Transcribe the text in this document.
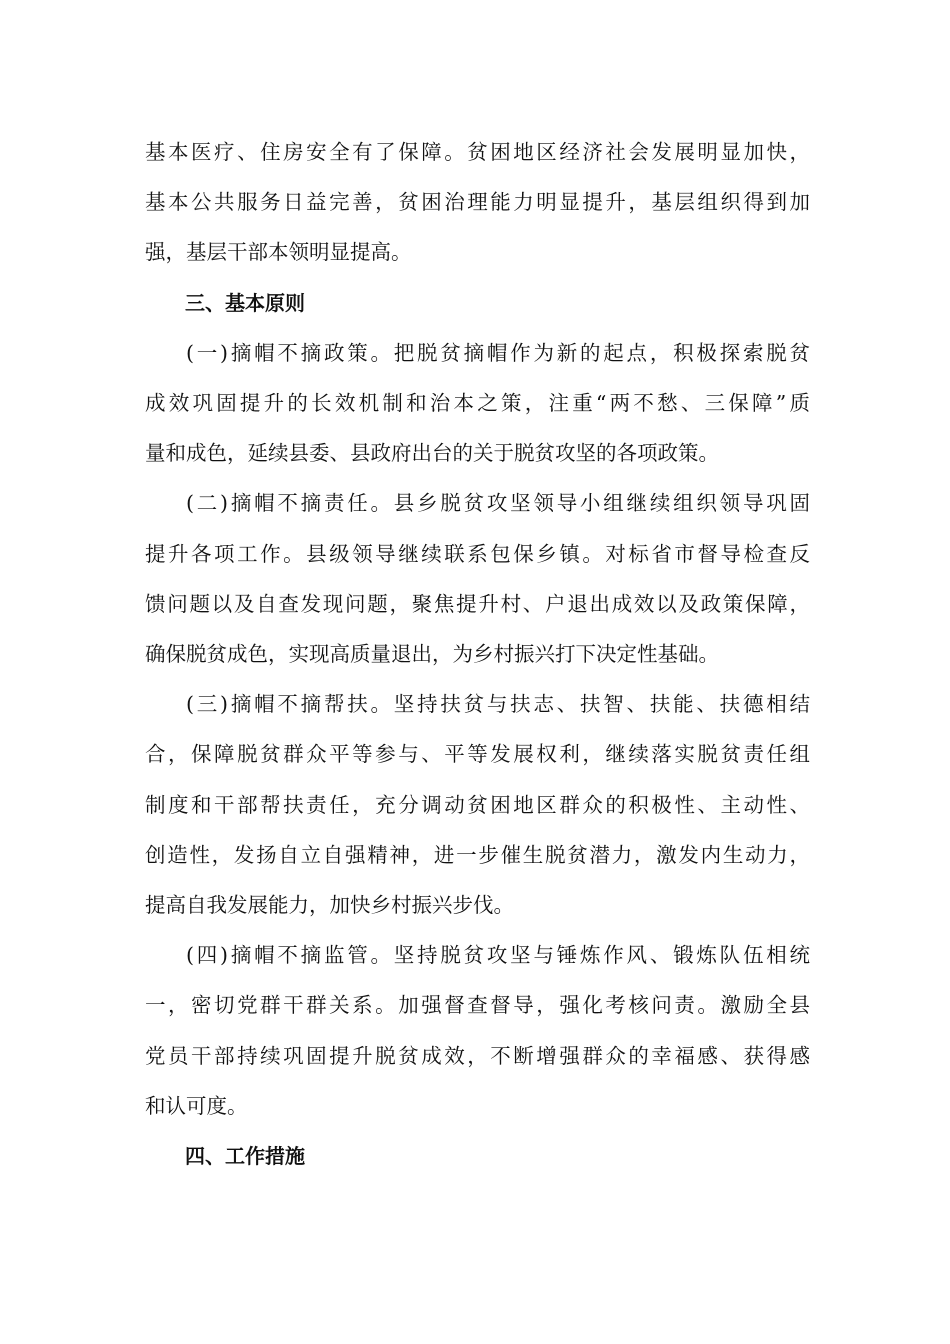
基本医疗、住房安全有了保障。贫困地区经济社会发展明显加快，
基本公共服务日益完善，贫困治理能力明显提升，基层组织得到加
强，基层干部本领明显提高。

三、基本原则

(一)摘帽不摘政策。把脱贫摘帽作为新的起点，积极探索脱贫
成效巩固提升的长效机制和治本之策，注重“两不愁、三保障”质
量和成色，延续县委、县政府出台的关于脱贫攻坚的各项政策。

(二)摘帽不摘责任。县乡脱贫攻坚领导小组继续组织领导巩固
提升各项工作。县级领导继续联系包保乡镇。对标省市督导检查反
馈问题以及自查发现问题，聚焦提升村、户退出成效以及政策保障，
确保脱贫成色，实现高质量退出，为乡村振兴打下决定性基础。

(三)摘帽不摘帮扶。坚持扶贫与扶志、扶智、扶能、扶德相结
合，保障脱贫群众平等参与、平等发展权利，继续落实脱贫责任组
制度和干部帮扶责任，充分调动贫困地区群众的积极性、主动性、
创造性，发扬自立自强精神，进一步催生脱贫潜力，激发内生动力，
提高自我发展能力，加快乡村振兴步伐。

(四)摘帽不摘监管。坚持脱贫攻坚与锤炼作风、锻炼队伍相统
一，密切党群干群关系。加强督查督导，强化考核问责。激励全县
党员干部持续巩固提升脱贫成效，不断增强群众的幸福感、获得感
和认可度。

四、工作措施
